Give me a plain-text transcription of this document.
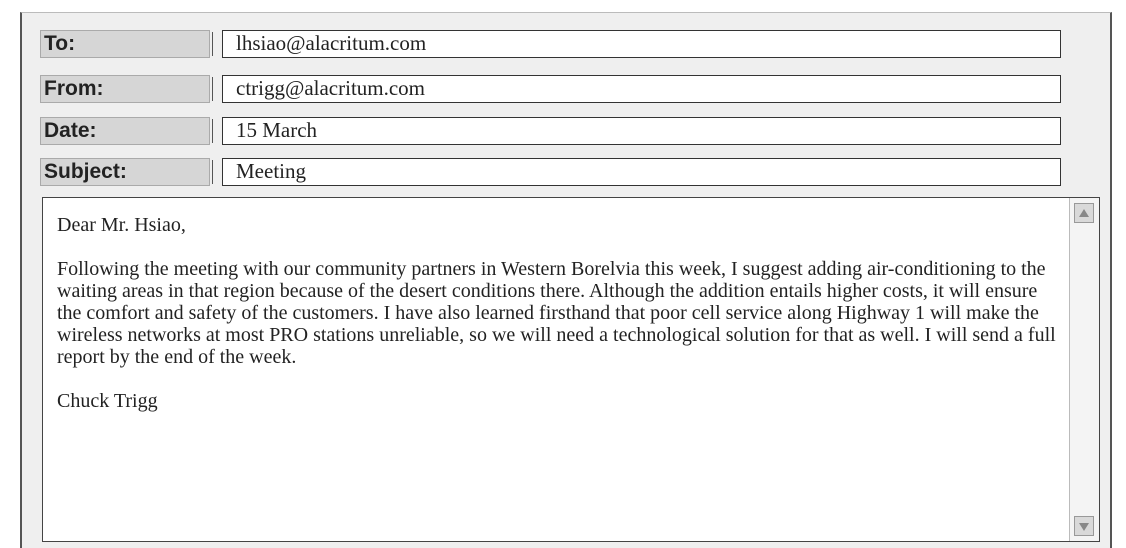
To:	lhsiao@alacritum.com
From:	ctrigg@alacritum.com
Date:	15 March
Subject:	Meeting

Dear Mr. Hsiao,

Following the meeting with our community partners in Western Borelvia this week, I suggest adding air-conditioning to the waiting areas in that region because of the desert conditions there. Although the addition entails higher costs, it will ensure the comfort and safety of the customers. I have also learned firsthand that poor cell service along Highway 1 will make the wireless networks at most PRO stations unreliable, so we will need a technological solution for that as well. I will send a full report by the end of the week.

Chuck Trigg
